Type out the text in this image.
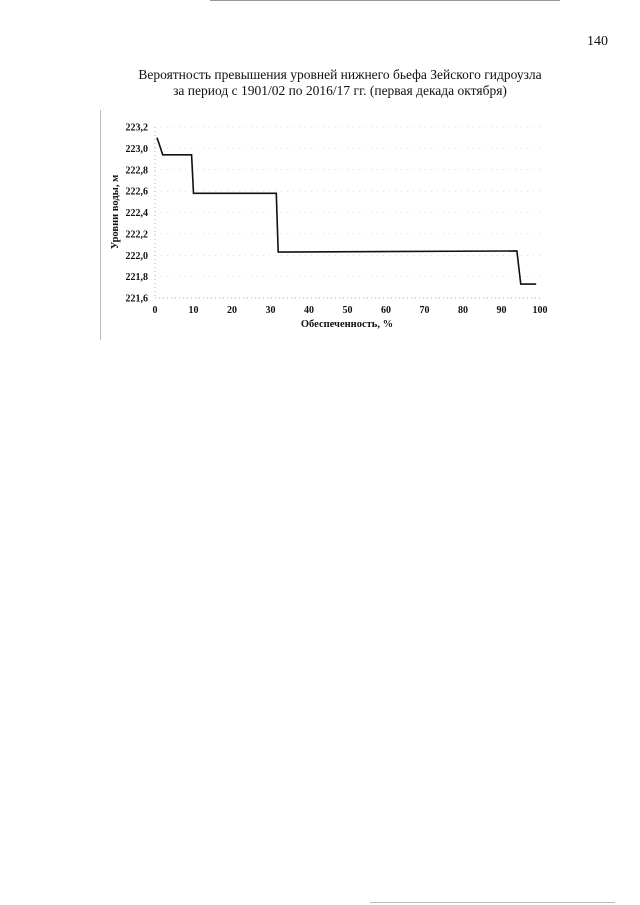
140
Вероятность превышения уровней нижнего бьефа Зейского гидроузла
за период с 1901/02 по 2016/17 гг. (первая декада октября)
223,2
223,0
222,8
222,6
222,4
222,2
222,0
221,8
221,6
0	10	20	30	40	50	60	70	80	90	100
Уровни воды, м
Обеспеченность, %
